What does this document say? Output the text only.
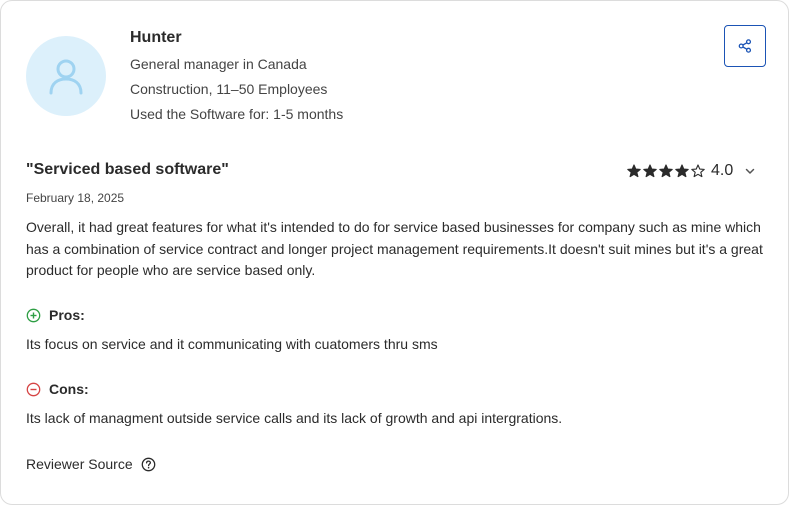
Hunter
General manager in Canada
Construction, 11–50 Employees
Used the Software for: 1-5 months
"Serviced based software"	4.0
February 18, 2025
Overall, it had great features for what it's intended to do for service based businesses for company such as mine which has a combination of service contract and longer project management requirements.It doesn't suit mines but it's a great product for people who are service based only.
Pros:
Its focus on service and it communicating with cuatomers thru sms
Cons:
Its lack of managment outside service calls and its lack of growth and api intergrations.
Reviewer Source
